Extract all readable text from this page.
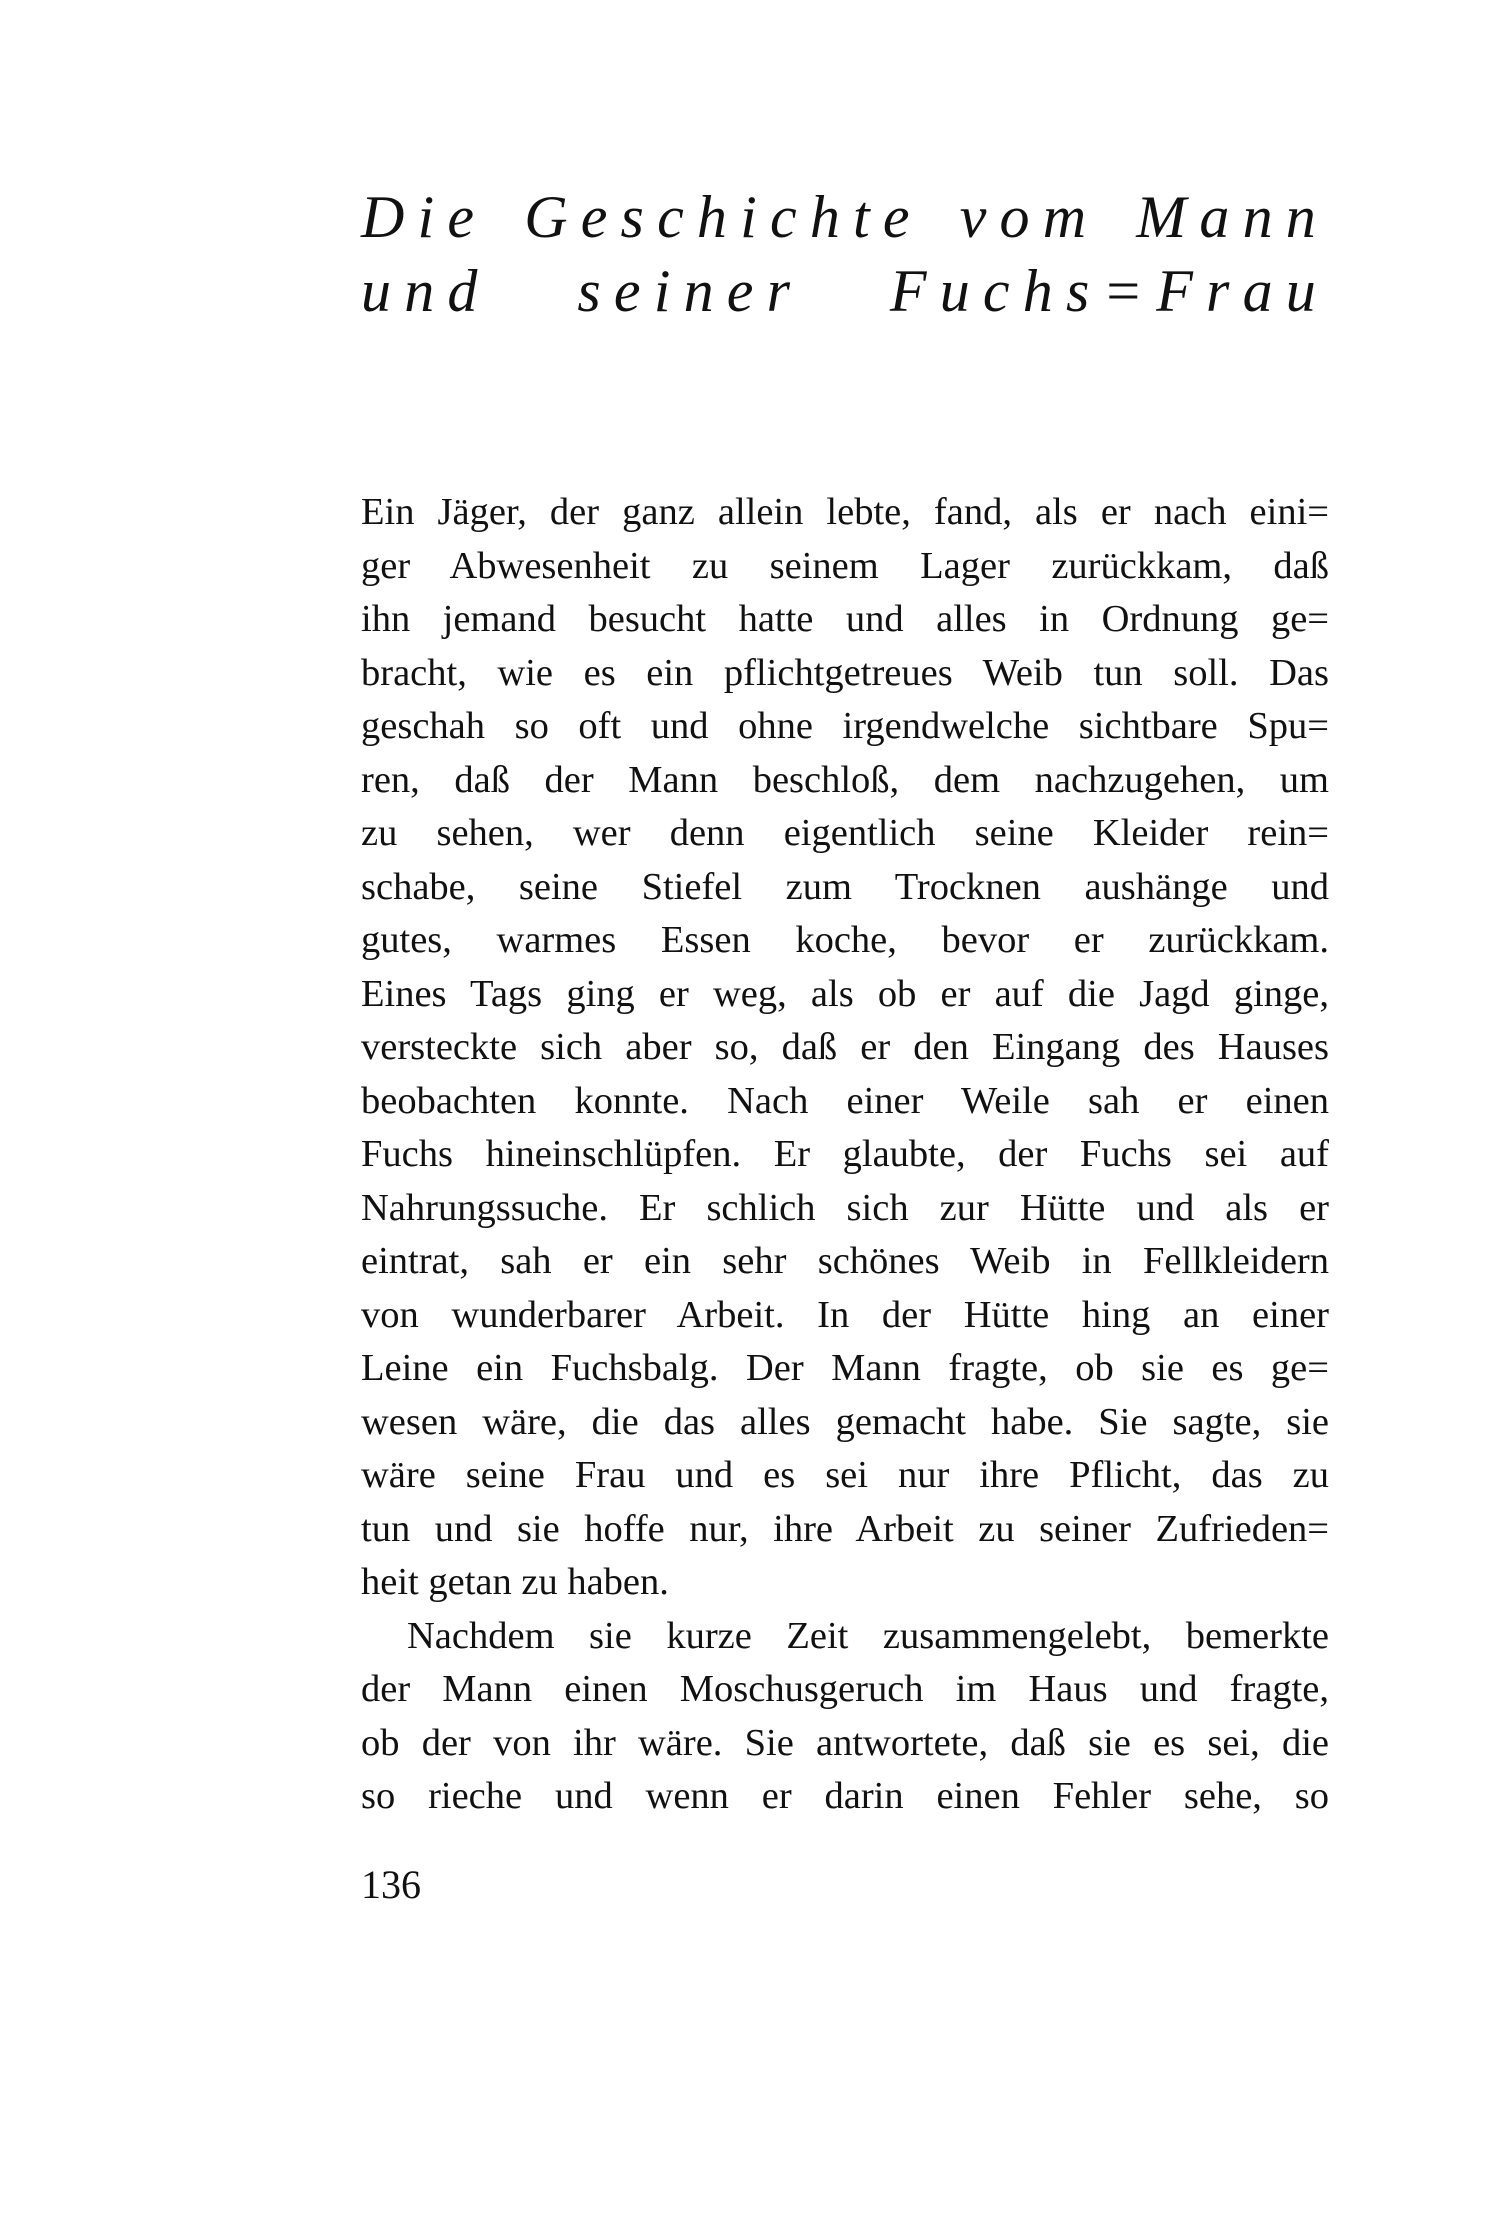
Die Geschichte vom Mann
und seiner Fuchs=Frau
Ein Jäger, der ganz allein lebte, fand, als er nach eini=
ger Abwesenheit zu seinem Lager zurückkam, daß
ihn jemand besucht hatte und alles in Ordnung ge=
bracht, wie es ein pflichtgetreues Weib tun soll. Das
geschah so oft und ohne irgendwelche sichtbare Spu=
ren, daß der Mann beschloß, dem nachzugehen, um
zu sehen, wer denn eigentlich seine Kleider rein=
schabe, seine Stiefel zum Trocknen aushänge und
gutes, warmes Essen koche, bevor er zurückkam.
Eines Tags ging er weg, als ob er auf die Jagd ginge,
versteckte sich aber so, daß er den Eingang des Hauses
beobachten konnte. Nach einer Weile sah er einen
Fuchs hineinschlüpfen. Er glaubte, der Fuchs sei auf
Nahrungssuche. Er schlich sich zur Hütte und als er
eintrat, sah er ein sehr schönes Weib in Fellkleidern
von wunderbarer Arbeit. In der Hütte hing an einer
Leine ein Fuchsbalg. Der Mann fragte, ob sie es ge=
wesen wäre, die das alles gemacht habe. Sie sagte, sie
wäre seine Frau und es sei nur ihre Pflicht, das zu
tun und sie hoffe nur, ihre Arbeit zu seiner Zufrieden=
heit getan zu haben.
Nachdem sie kurze Zeit zusammengelebt, bemerkte
der Mann einen Moschusgeruch im Haus und fragte,
ob der von ihr wäre. Sie antwortete, daß sie es sei, die
so rieche und wenn er darin einen Fehler sehe, so
136
